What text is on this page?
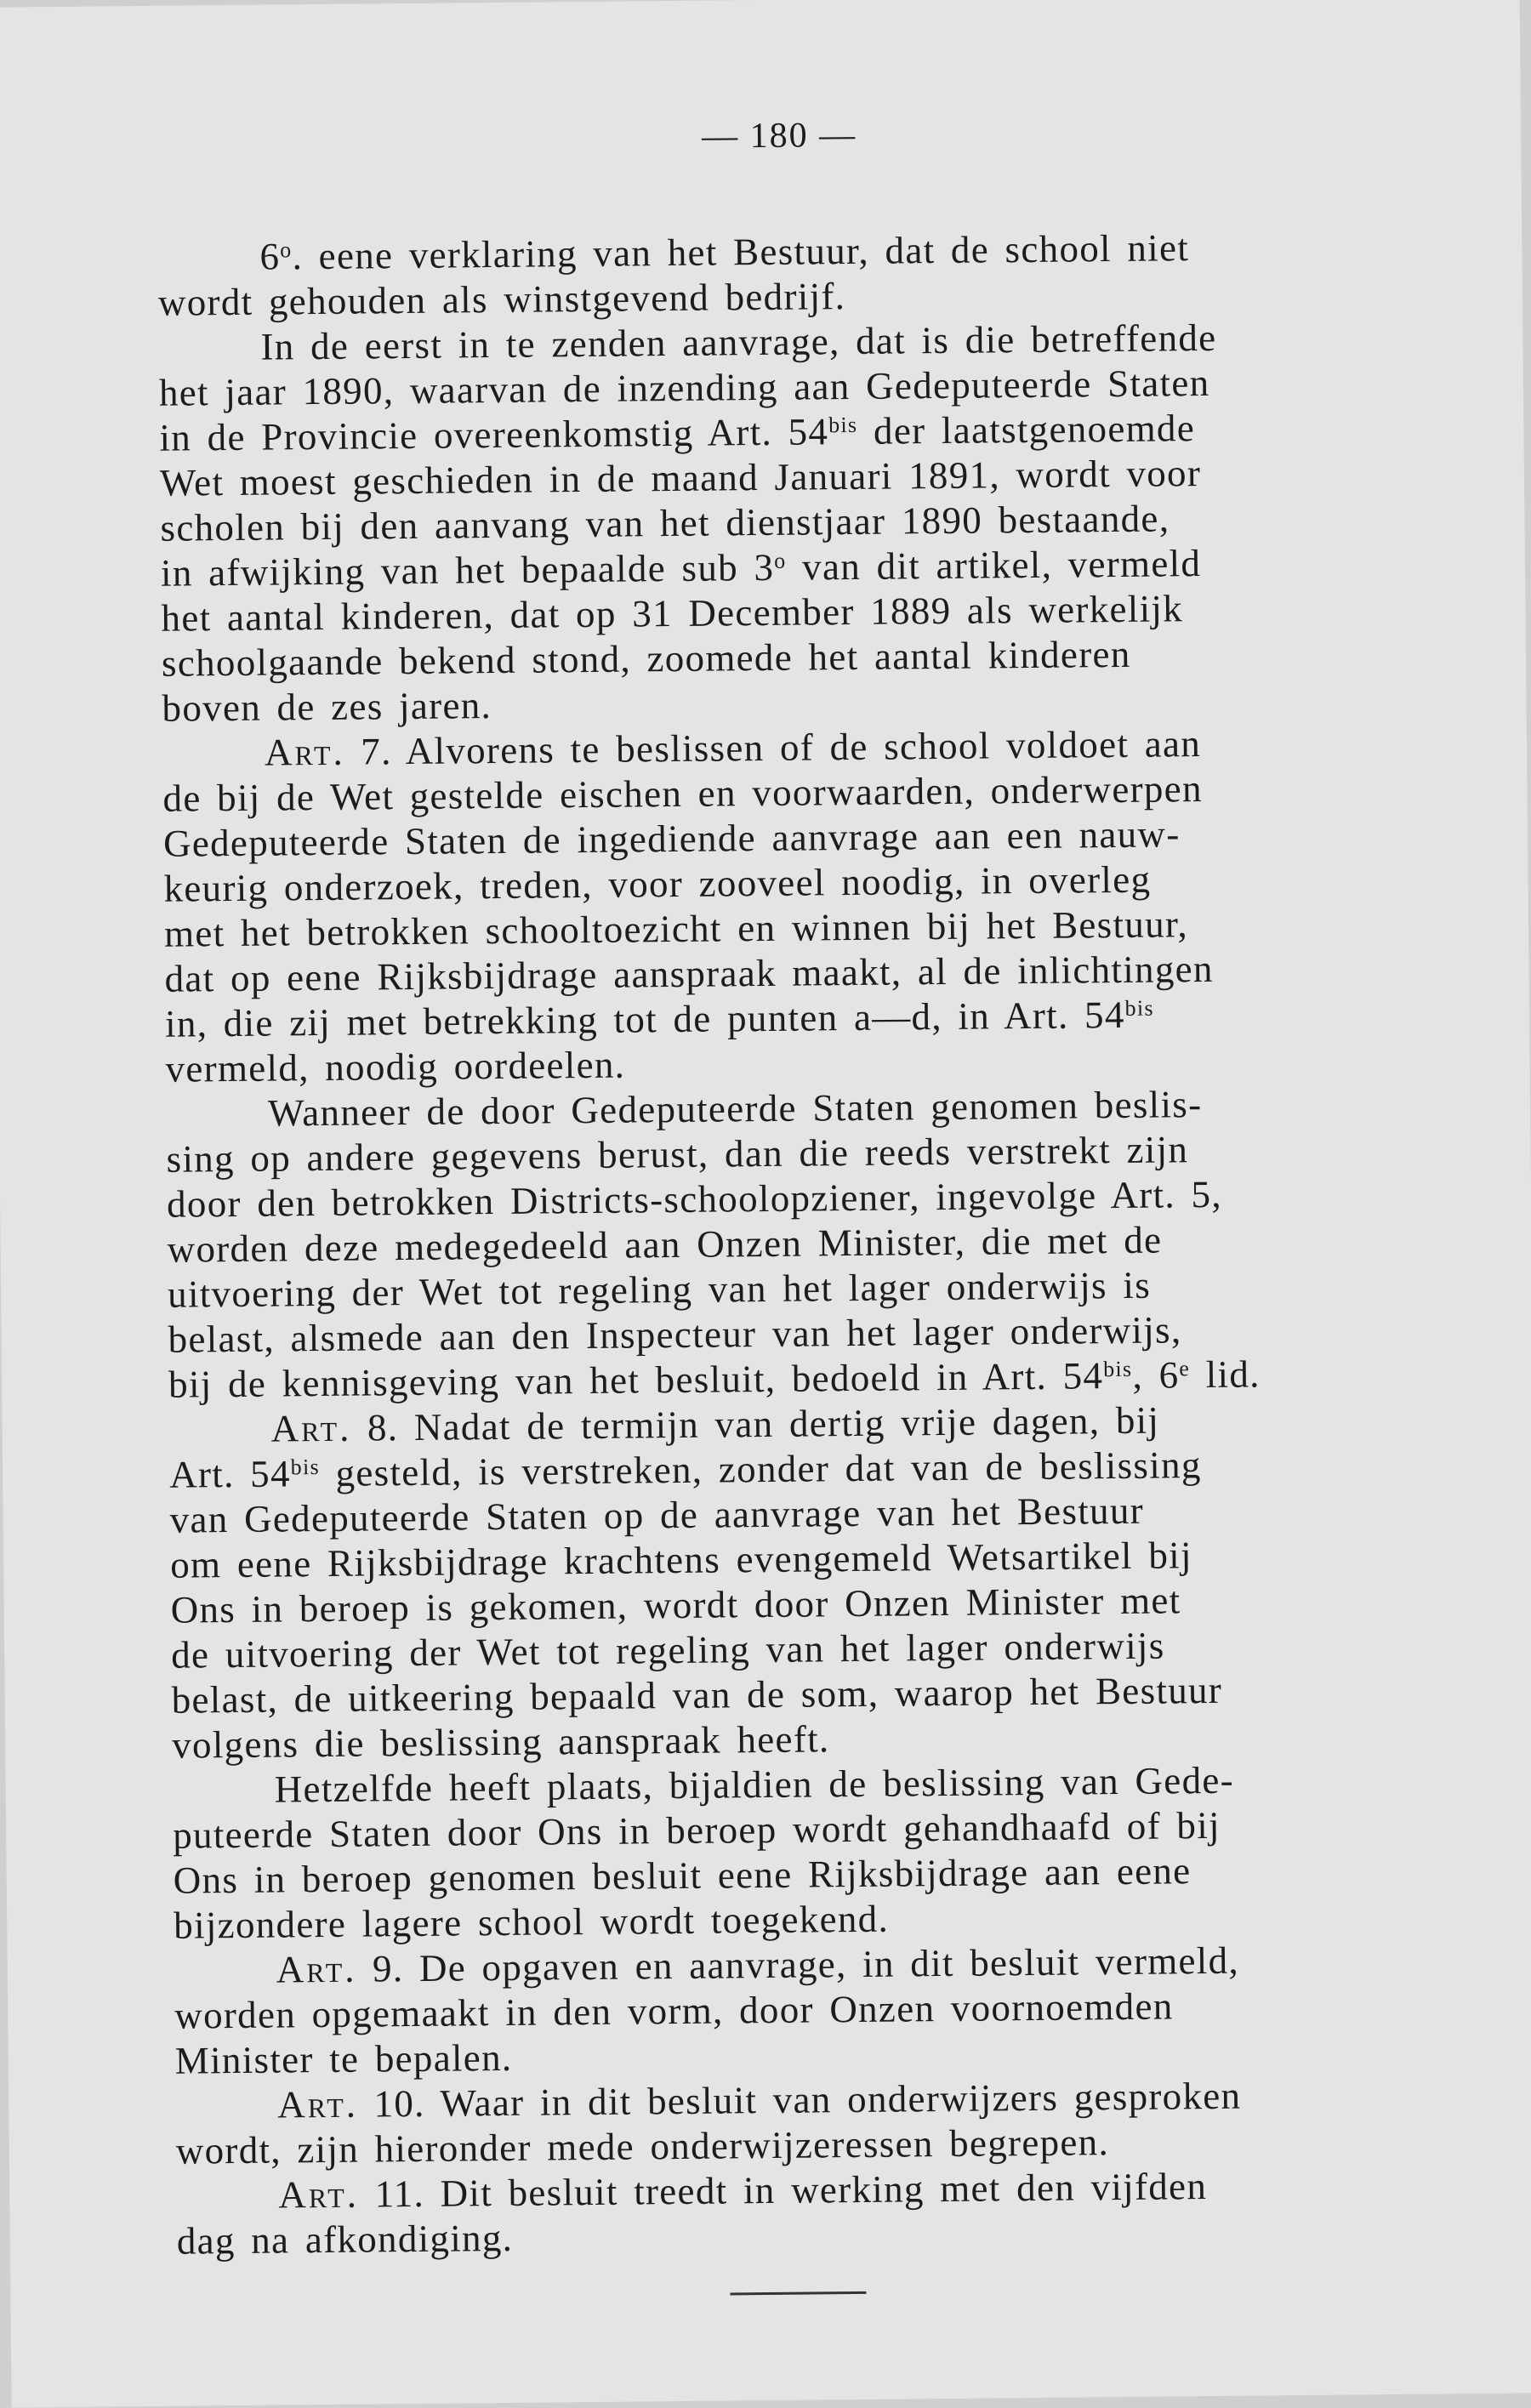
— 180 —
6$^o$. eene verklaring van het Bestuur, dat de school niet
wordt gehouden als winstgevend bedrijf.
In de eerst in te zenden aanvrage, dat is die betreffende
het jaar 1890, waarvan de inzending aan Gedeputeerde Staten
in de Provincie overeenkomstig Art. $54^{bis}$ der laatstgenoemde
Wet moest geschieden in de maand Januari 1891, wordt voor
scholen bij den aanvang van het dienstjaar 1890 bestaande,
in afwijking van het bepaalde sub 3$^o$ van dit artikel, vermeld
het aantal kinderen, dat op 31 December 1889 als werkelijk
schoolgaande bekend stond, zoomede het aantal kinderen
boven de zes jaren.
Art. 7. Alvorens te beslissen of de school voldoet aan
de bij de Wet gestelde eischen en voorwaarden, onderwerpen
Gedeputeerde Staten de ingediende aanvrage aan een nauw-
keurig onderzoek, treden, voor zooveel noodig, in overleg
met het betrokken schooltoezicht en winnen bij het Bestuur,
dat op eene Rijksbijdrage aanspraak maakt, al de inlichtingen
in, die zij met betrekking tot de punten a—d, in Art. $54^{bis}$
vermeld, noodig oordeelen.
Wanneer de door Gedeputeerde Staten genomen beslis-
sing op andere gegevens berust, dan die reeds verstrekt zijn
door den betrokken Districts-schoolopziener, ingevolge Art. 5,
worden deze medegedeeld aan Onzen Minister, die met de
uitvoering der Wet tot regeling van het lager onderwijs is
belast, alsmede aan den Inspecteur van het lager onderwijs,
bij de kennisgeving van het besluit, bedoeld in Art. $54^{bis}$, 6e lid.
Art. 8. Nadat de termijn van dertig vrije dagen, bij
Art. $54^{bis}$ gesteld, is verstreken, zonder dat van de beslissing
van Gedeputeerde Staten op de aanvrage van het Bestuur
om eene Rijksbijdrage krachtens evengemeld Wetsartikel bij
Ons in beroep is gekomen, wordt door Onzen Minister met
de uitvoering der Wet tot regeling van het lager onderwijs
belast, de uitkeering bepaald van de som, waarop het Bestuur
volgens die beslissing aanspraak heeft.
Hetzelfde heeft plaats, bijaldien de beslissing van Gede-
puteerde Staten door Ons in beroep wordt gehandhaafd of bij
Ons in beroep genomen besluit eene Rijksbijdrage aan eene
bijzondere lagere school wordt toegekend.
Art. 9. De opgaven en aanvrage, in dit besluit vermeld,
worden opgemaakt in den vorm, door Onzen voornoemden
Minister te bepalen.
Art. 10. Waar in dit besluit van onderwijzers gesproken
wordt, zijn hieronder mede onderwijzeressen begrepen.
Art. 11. Dit besluit treedt in werking met den vijfden
dag na afkondiging.
